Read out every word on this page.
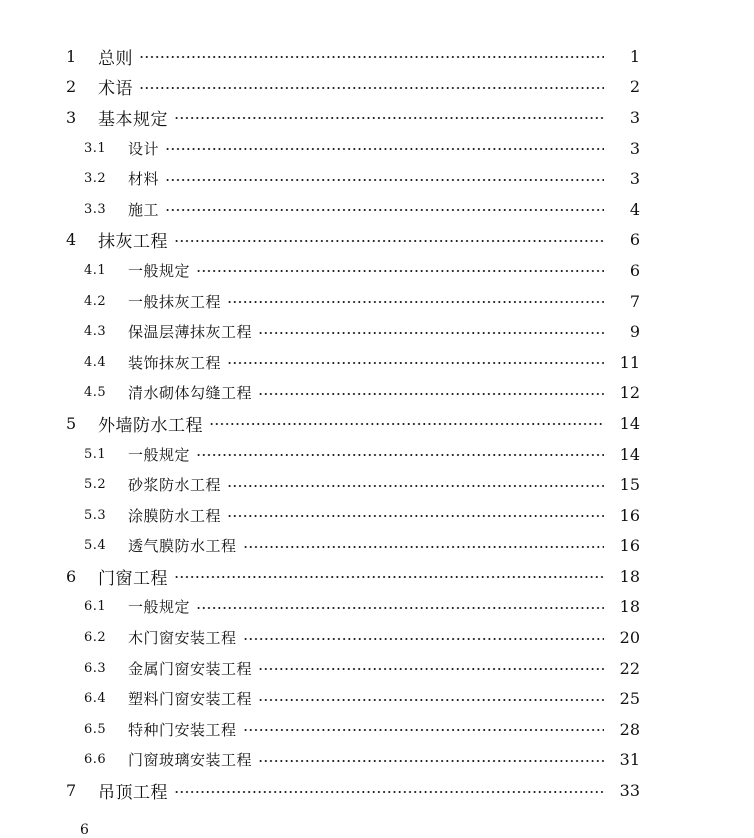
1	总则	1
2	术语	2
3	基本规定	3
3.1	设计	3
3.2	材料	3
3.3	施工	4
4	抹灰工程	6
4.1	一般规定	6
4.2	一般抹灰工程	7
4.3	保温层薄抹灰工程	9
4.4	装饰抹灰工程	11
4.5	清水砌体勾缝工程	12
5	外墙防水工程	14
5.1	一般规定	14
5.2	砂浆防水工程	15
5.3	涂膜防水工程	16
5.4	透气膜防水工程	16
6	门窗工程	18
6.1	一般规定	18
6.2	木门窗安装工程	20
6.3	金属门窗安装工程	22
6.4	塑料门窗安装工程	25
6.5	特种门安装工程	28
6.6	门窗玻璃安装工程	31
7	吊顶工程	33
6
